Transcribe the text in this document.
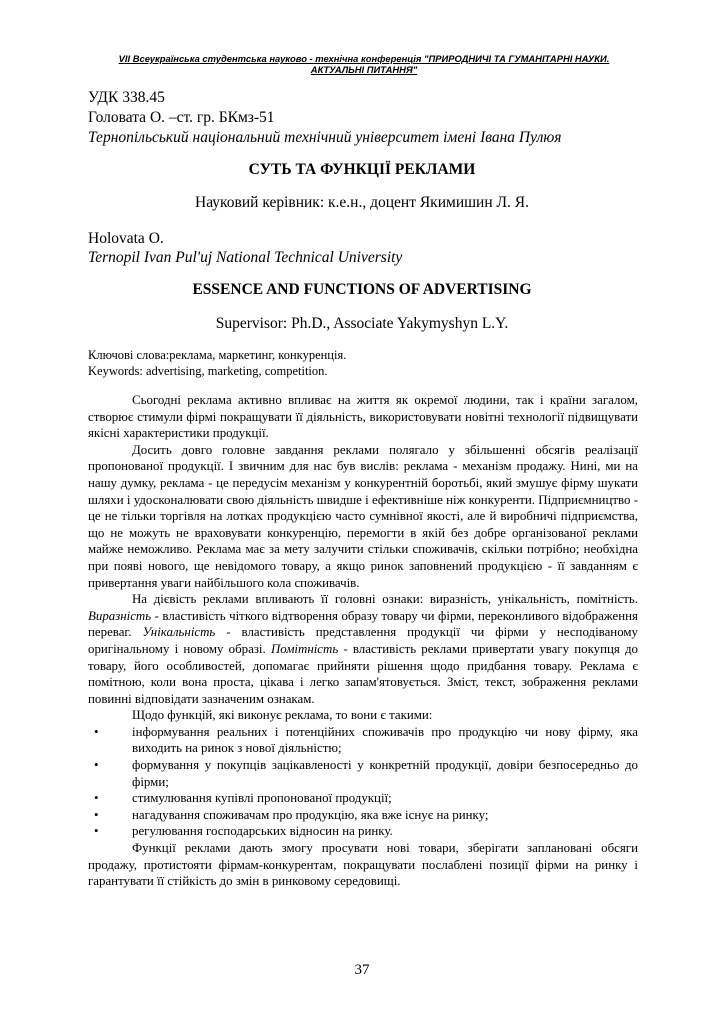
VII Всеукраїнська студентська науково - технічна конференція "ПРИРОДНИЧІ ТА ГУМАНІТАРНІ НАУКИ.
АКТУАЛЬНІ ПИТАННЯ"
УДК 338.45
Головата О. –ст. гр. БКмз-51
Тернопільський національний технічний університет імені Івана Пулюя
СУТЬ ТА ФУНКЦІЇ РЕКЛАМИ
Науковий керівник: к.е.н., доцент Якимишин Л. Я.
Holovata O.
Ternopil Ivan Pul'uj National Technical University
ESSENCE AND FUNCTIONS OF ADVERTISING
Supervisor: Ph.D., Associate Yakymyshyn L.Y.
Ключові слова:реклама, маркетинг, конкуренція.
Keywords: advertising, marketing, competition.

Сьогодні реклама активно впливає на життя як окремої людини, так і країни загалом, створює стимули фірмі покращувати її діяльність, використовувати новітні технології підвищувати якісні характеристики продукції.

Досить довго головне завдання реклами полягало у збільшенні обсягів реалізації пропонованої продукції. І звичним для нас був вислів: реклама - механізм продажу. Нині, ми на нашу думку, реклама - це передусім механізм у конкурентній боротьбі, який змушує фірму шукати шляхи і удосконалювати свою діяльність швидше і ефективніше ніж конкуренти. Підприємництво - це не тільки торгівля на лотках продукцією часто сумнівної якості, але й виробничі підприємства, що не можуть не враховувати конкуренцію, перемогти в якій без добре організованої реклами майже неможливо. Реклама має за мету залучити стільки споживачів, скільки потрібно; необхідна при появі нового, ще невідомого товару, а якщо ринок заповнений продукцією - її завданням є привертання уваги найбільшого кола споживачів.

На дієвість реклами впливають її головні ознаки: виразність, унікальність, помітність. Виразність - властивість чіткого відтворення образу товару чи фірми, переконливого відображення переваг. Унікальність - властивість представлення продукції чи фірми у несподіваному оригінальному і новому образі. Помітність - властивість реклами привертати увагу покупця до товару, його особливостей, допомагає прийняти рішення щодо придбання товару. Реклама є помітною, коли вона проста, цікава і легко запам'ятовується. Зміст, текст, зображення реклами повинні відповідати зазначеним ознакам.

Щодо функцій, які виконує реклама, то вони є такими:

• інформування реальних і потенційних споживачів про продукцію чи нову фірму, яка виходить на ринок з нової діяльністю;
• формування у покупців зацікавленості у конкретній продукції, довіри безпосередньо до фірми;
• стимулювання купівлі пропонованої продукції;
• нагадування споживачам про продукцію, яка вже існує на ринку;
• регулювання господарських відносин на ринку.

Функції реклами дають змогу просувати нові товари, зберігати заплановані обсяги продажу, протистояти фірмам-конкурентам, покращувати послаблені позиції фірми на ринку і гарантувати її стійкість до змін в ринковому середовищі.

37
